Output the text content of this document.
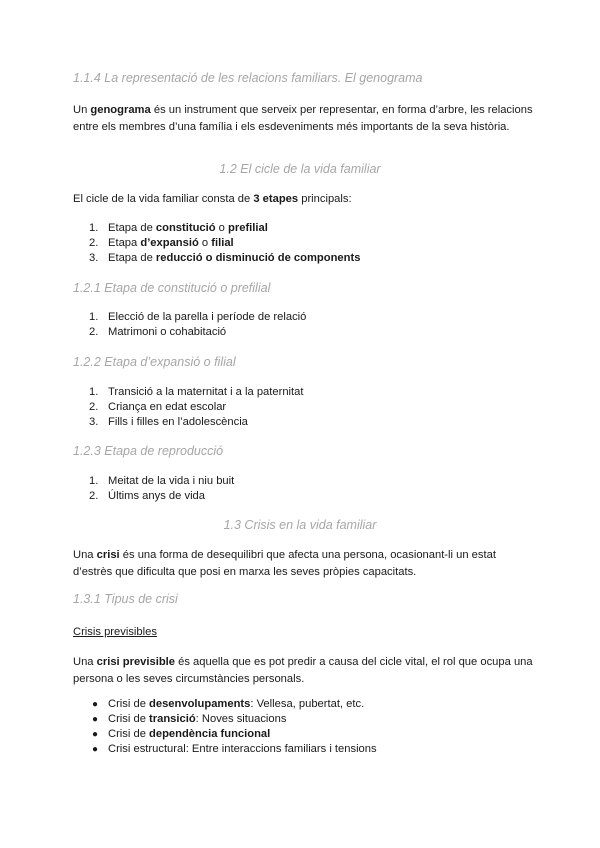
1.1.4 La representació de les relacions familiars. El genograma

Un genograma és un instrument que serveix per representar, en forma d’arbre, les relacions entre els membres d’una família i els esdeveniments més importants de la seva història.

1.2 El cicle de la vida familiar

El cicle de la vida familiar consta de 3 etapes principals:

1. Etapa de constitució o prefilial
2. Etapa d’expansió o filial
3. Etapa de reducció o disminució de components
1.2.1 Etapa de constitució o prefilial
1. Elecció de la parella i període de relació
2. Matrimoni o cohabitació
1.2.2 Etapa d’expansió o filial
1. Transició a la maternitat i a la paternitat
2. Criança en edat escolar
3. Fills i filles en l’adolescència
1.2.3 Etapa de reproducció
1. Meitat de la vida i niu buit
2. Últims anys de vida
1.3 Crisis en la vida familiar

Una crisi és una forma de desequilibri que afecta una persona, ocasionant-li un estat d’estrès que dificulta que posi en marxa les seves pròpies capacitats.

1.3.1 Tipus de crisi

Crisis previsibles

Una crisi previsible és aquella que es pot predir a causa del cicle vital, el rol que ocupa una persona o les seves circumstàncies personals.

● Crisi de desenvolupaments: Vellesa, pubertat, etc.
● Crisi de transició: Noves situacions
● Crisi de dependència funcional
● Crisi estructural: Entre interaccions familiars i tensions
